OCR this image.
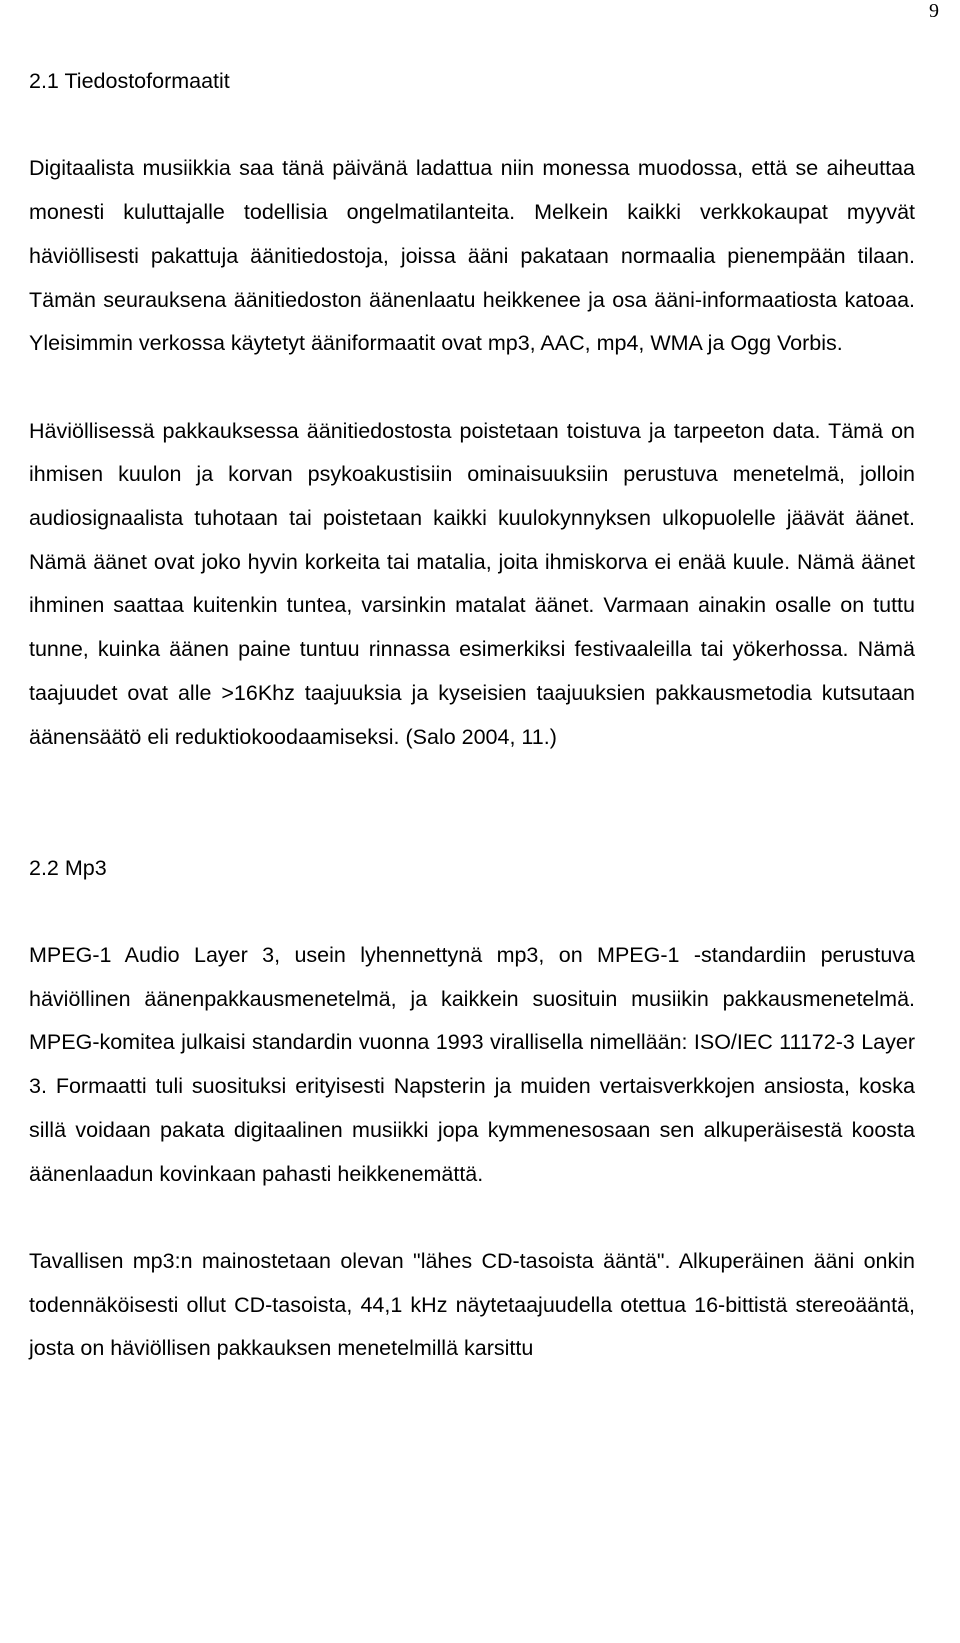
9
2.1 Tiedostoformaatit

Digitaalista musiikkia saa tänä päivänä ladattua niin monessa muodossa, että se aiheuttaa monesti kuluttajalle todellisia ongelmatilanteita. Melkein kaikki verkkokaupat myyvät häviöllisesti pakattuja äänitiedostoja, joissa ääni pakataan normaalia pienempään tilaan. Tämän seurauksena äänitiedoston äänenlaatu heikkenee ja osa ääni-informaatiosta katoaa. Yleisimmin verkossa käytetyt ääniformaatit ovat mp3, AAC, mp4, WMA ja Ogg Vorbis.

Häviöllisessä pakkauksessa äänitiedostosta poistetaan toistuva ja tarpeeton data. Tämä on ihmisen kuulon ja korvan psykoakustisiin ominaisuuksiin perustuva menetelmä, jolloin audiosignaalista tuhotaan tai poistetaan kaikki kuulokynnyksen ulkopuolelle jäävät äänet. Nämä äänet ovat joko hyvin korkeita tai matalia, joita ihmiskorva ei enää kuule. Nämä äänet ihminen saattaa kuitenkin tuntea, varsinkin matalat äänet. Varmaan ainakin osalle on tuttu tunne, kuinka äänen paine tuntuu rinnassa esimerkiksi festivaaleilla tai yökerhossa. Nämä taajuudet ovat alle >16Khz taajuuksia ja kyseisien taajuuksien pakkausmetodia kutsutaan äänensäätö eli reduktiokoodaamiseksi. (Salo 2004, 11.)

2.2 Mp3

MPEG-1 Audio Layer 3, usein lyhennettynä mp3, on MPEG-1 -standardiin perustuva häviöllinen äänenpakkausmenetelmä, ja kaikkein suosituin musiikin pakkausmenetelmä. MPEG-komitea julkaisi standardin vuonna 1993 virallisella nimellään: ISO/IEC 11172-3 Layer 3. Formaatti tuli suosituksi erityisesti Napsterin ja muiden vertaisverkkojen ansiosta, koska sillä voidaan pakata digitaalinen musiikki jopa kymmenesosaan sen alkuperäisestä koosta äänenlaadun kovinkaan pahasti heikkenemättä.

Tavallisen mp3:n mainostetaan olevan "lähes CD-tasoista ääntä". Alkuperäinen ääni onkin todennäköisesti ollut CD-tasoista, 44,1 kHz näytetaajuudella otettua 16-bittistä stereoääntä, josta on häviöllisen pakkauksen menetelmillä karsittu
